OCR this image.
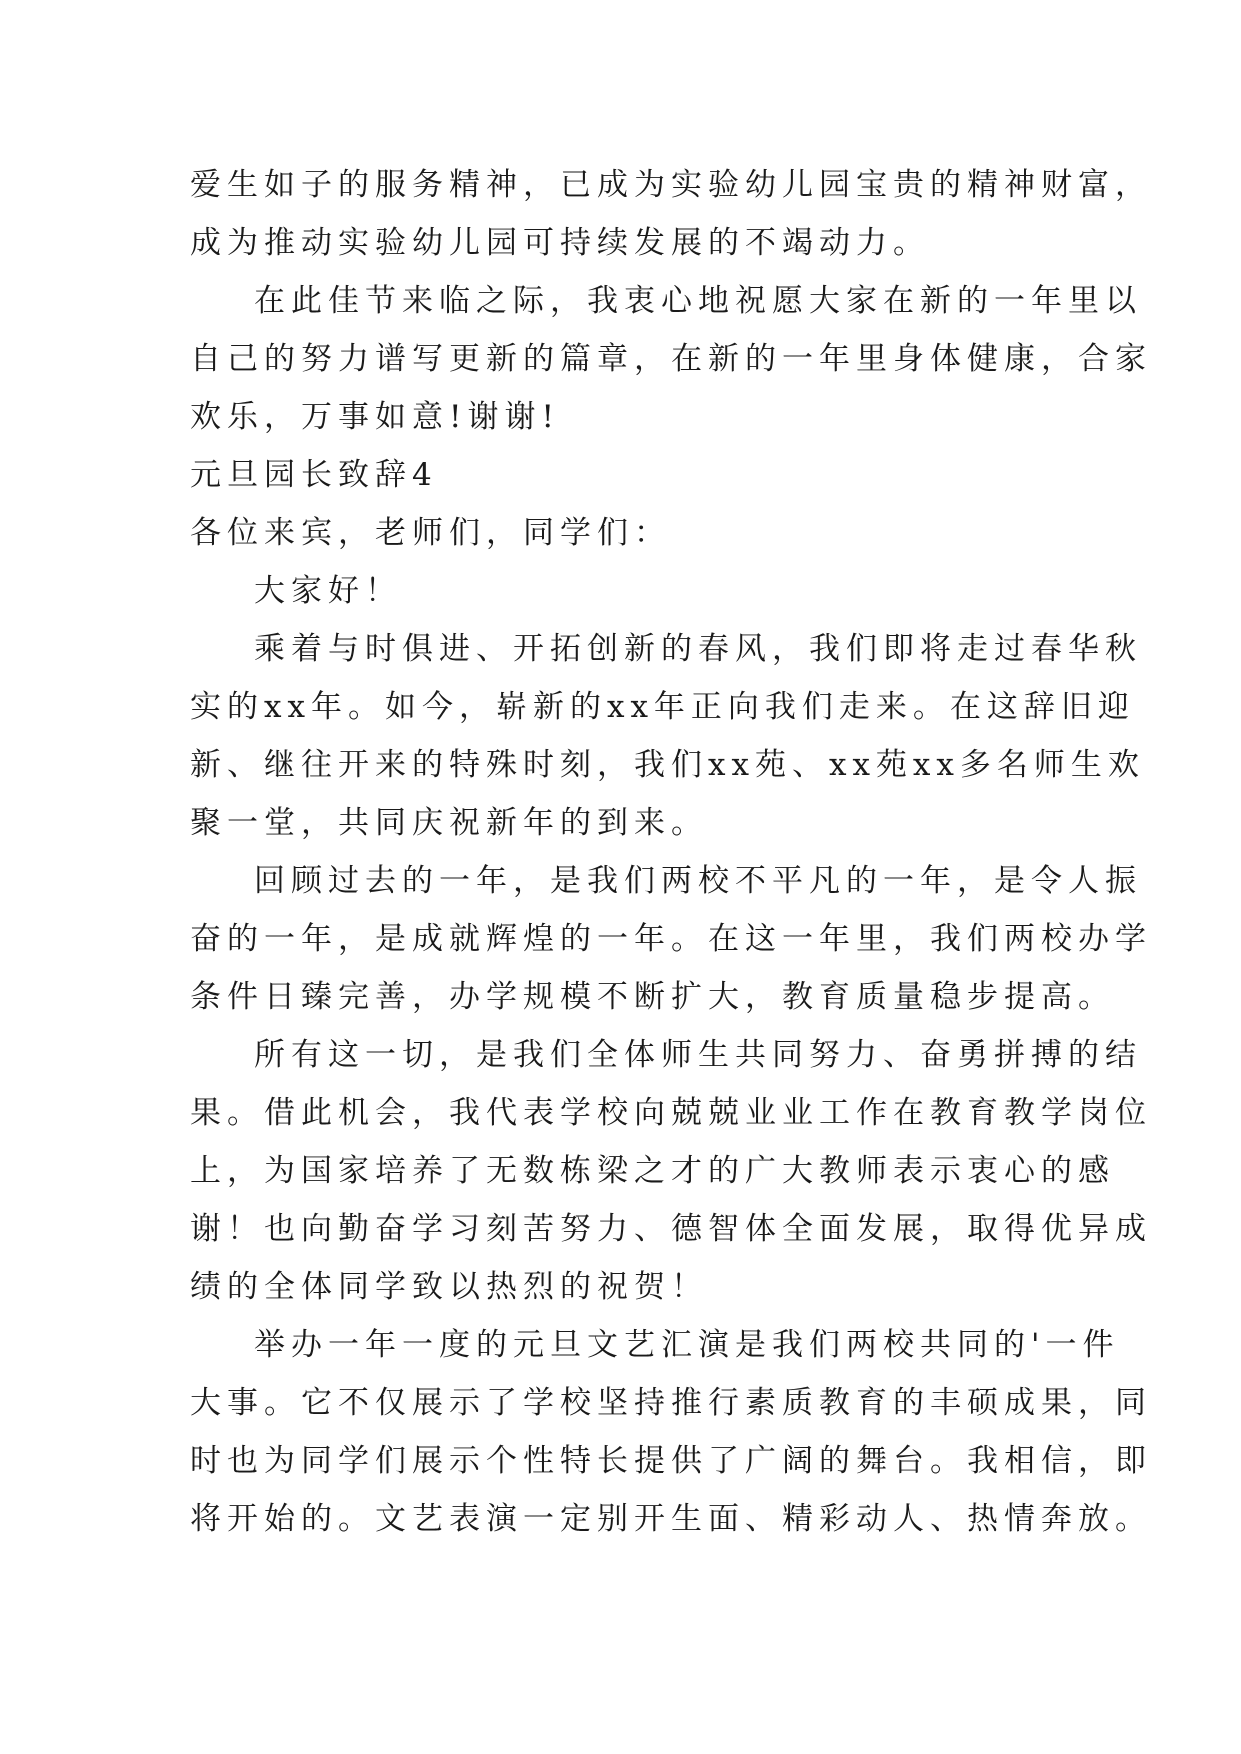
爱生如子的服务精神，已成为实验幼儿园宝贵的精神财富，
成为推动实验幼儿园可持续发展的不竭动力。
在此佳节来临之际，我衷心地祝愿大家在新的一年里以
自己的努力谱写更新的篇章，在新的一年里身体健康，合家
欢乐，万事如意!谢谢!
元旦园长致辞4
各位来宾，老师们，同学们：
大家好！
乘着与时俱进、开拓创新的春风，我们即将走过春华秋
实的xx年。如今，崭新的xx年正向我们走来。在这辞旧迎
新、继往开来的特殊时刻，我们xx苑、xx苑xx多名师生欢
聚一堂，共同庆祝新年的到来。
回顾过去的一年，是我们两校不平凡的一年，是令人振
奋的一年，是成就辉煌的一年。在这一年里，我们两校办学
条件日臻完善，办学规模不断扩大，教育质量稳步提高。
所有这一切，是我们全体师生共同努力、奋勇拼搏的结
果。借此机会，我代表学校向兢兢业业工作在教育教学岗位
上，为国家培养了无数栋梁之才的广大教师表示衷心的感
谢！也向勤奋学习刻苦努力、德智体全面发展，取得优异成
绩的全体同学致以热烈的祝贺！
举办一年一度的元旦文艺汇演是我们两校共同的'一件
大事。它不仅展示了学校坚持推行素质教育的丰硕成果，同
时也为同学们展示个性特长提供了广阔的舞台。我相信，即
将开始的。文艺表演一定别开生面、精彩动人、热情奔放。
